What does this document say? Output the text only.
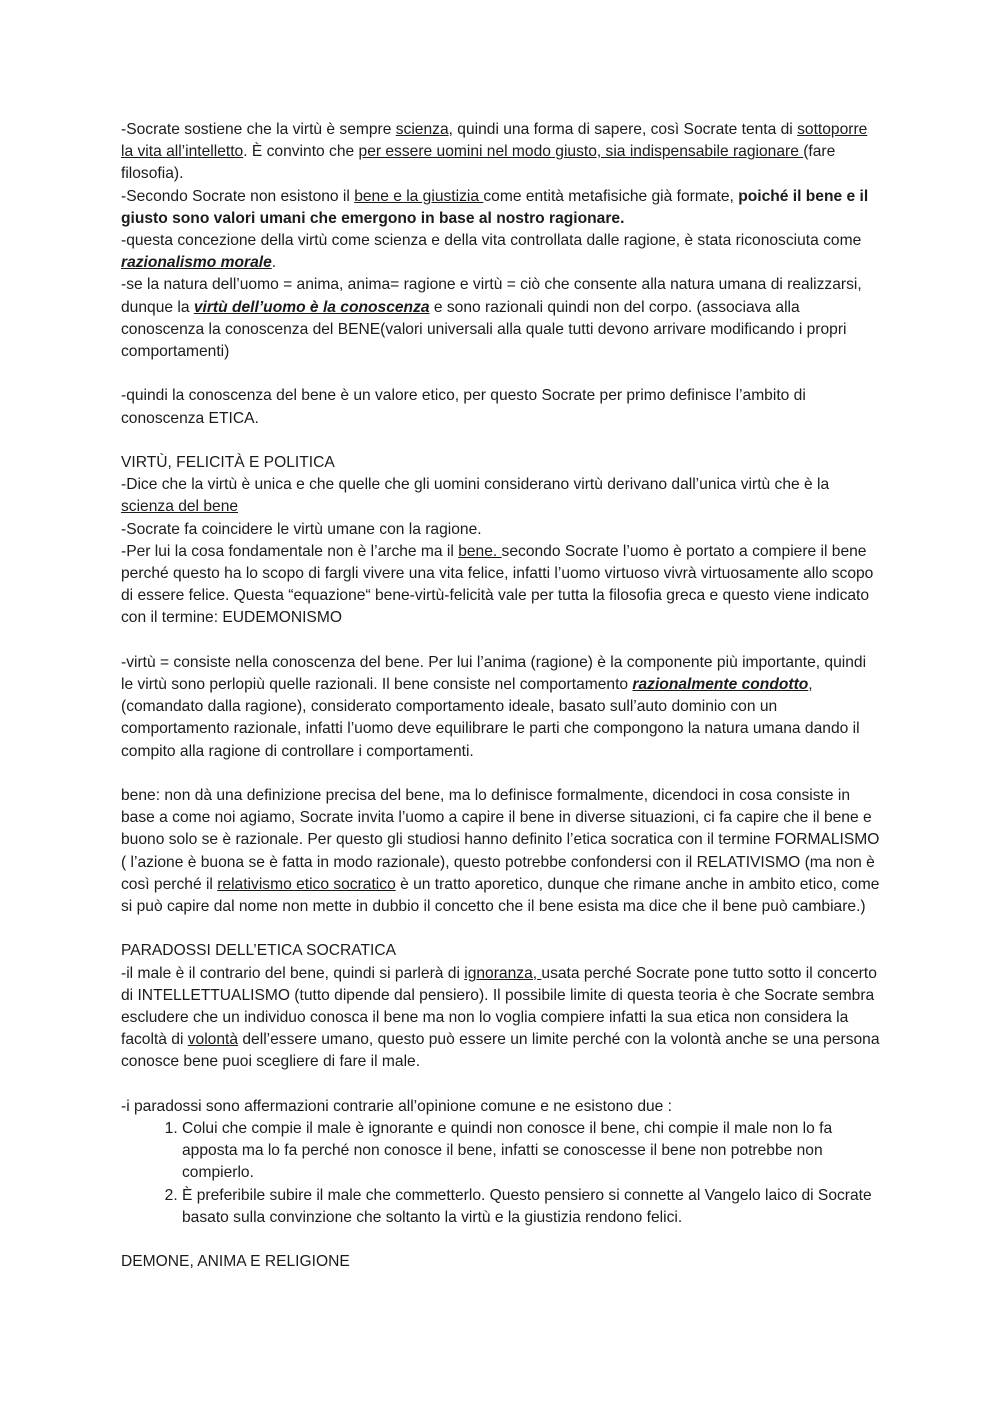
-Socrate sostiene che la virtù è sempre scienza, quindi una forma di sapere, così Socrate tenta di sottoporre la vita all’intelletto. È convinto che per essere uomini nel modo giusto, sia indispensabile ragionare (fare filosofia).

-Secondo Socrate non esistono il bene e la giustizia come entità metafisiche già formate, poiché il bene e il giusto sono valori umani che emergono in base al nostro ragionare.

-questa concezione della virtù come scienza e della vita controllata dalle ragione, è stata riconosciuta come razionalismo morale.

-se la natura dell’uomo = anima, anima= ragione e virtù = ciò che consente alla natura umana di realizzarsi, dunque la virtù dell’uomo è la conoscenza e sono razionali quindi non del corpo. (associava alla conoscenza la conoscenza del BENE(valori universali alla quale tutti devono arrivare modificando i propri comportamenti)

-quindi la conoscenza del bene è un valore etico, per questo Socrate per primo definisce l’ambito di conoscenza ETICA.

VIRTÙ, FELICITÀ E POLITICA

-Dice che la virtù è unica e che quelle che gli uomini considerano virtù derivano dall’unica virtù che è la scienza del bene

-Socrate fa coincidere le virtù umane con la ragione.

-Per lui la cosa fondamentale non è l’arche ma il bene. secondo Socrate l’uomo è portato a compiere il bene perché questo ha lo scopo di fargli vivere una vita felice, infatti l’uomo virtuoso vivrà virtuosamente allo scopo di essere felice. Questa “equazione“ bene-virtù-felicità vale per tutta la filosofia greca e questo viene indicato con il termine: EUDEMONISMO

-virtù = consiste nella conoscenza del bene. Per lui l’anima (ragione) è la componente più importante, quindi le virtù sono perlopiù quelle razionali. Il bene consiste nel comportamento razionalmente condotto, (comandato dalla ragione), considerato comportamento ideale, basato sull’auto dominio con un comportamento razionale, infatti l’uomo deve equilibrare le parti che compongono la natura umana dando il compito alla ragione di controllare i comportamenti.

bene: non dà una definizione precisa del bene, ma lo definisce formalmente, dicendoci in cosa consiste in base a come noi agiamo, Socrate invita l’uomo a capire il bene in diverse situazioni, ci fa capire che il bene e buono solo se è razionale. Per questo gli studiosi hanno definito l’etica socratica con il termine FORMALISMO ( l’azione è buona se è fatta in modo razionale), questo potrebbe confondersi con il RELATIVISMO (ma non è così perché il relativismo etico socratico è un tratto aporetico, dunque che rimane anche in ambito etico, come si può capire dal nome non mette in dubbio il concetto che il bene esista ma dice che il bene può cambiare.)

PARADOSSI DELL’ETICA SOCRATICA

-il male è il contrario del bene, quindi si parlerà di ignoranza, usata perché Socrate pone tutto sotto il concerto di INTELLETTUALISMO (tutto dipende dal pensiero). Il possibile limite di questa teoria è che Socrate sembra escludere che un individuo conosca il bene ma non lo voglia compiere infatti la sua etica non considera la facoltà di volontà dell’essere umano, questo può essere un limite perché con la volontà anche se una persona conosce bene puoi scegliere di fare il male.

-i paradossi sono affermazioni contrarie all’opinione comune e ne esistono due :

1. Colui che compie il male è ignorante e quindi non conosce il bene, chi compie il male non lo fa apposta ma lo fa perché non conosce il bene, infatti se conoscesse il bene non potrebbe non compierlo.
2. È preferibile subire il male che commetterlo. Questo pensiero si connette al Vangelo laico di Socrate basato sulla convinzione che soltanto la virtù e la giustizia rendono felici.

DEMONE, ANIMA E RELIGIONE
